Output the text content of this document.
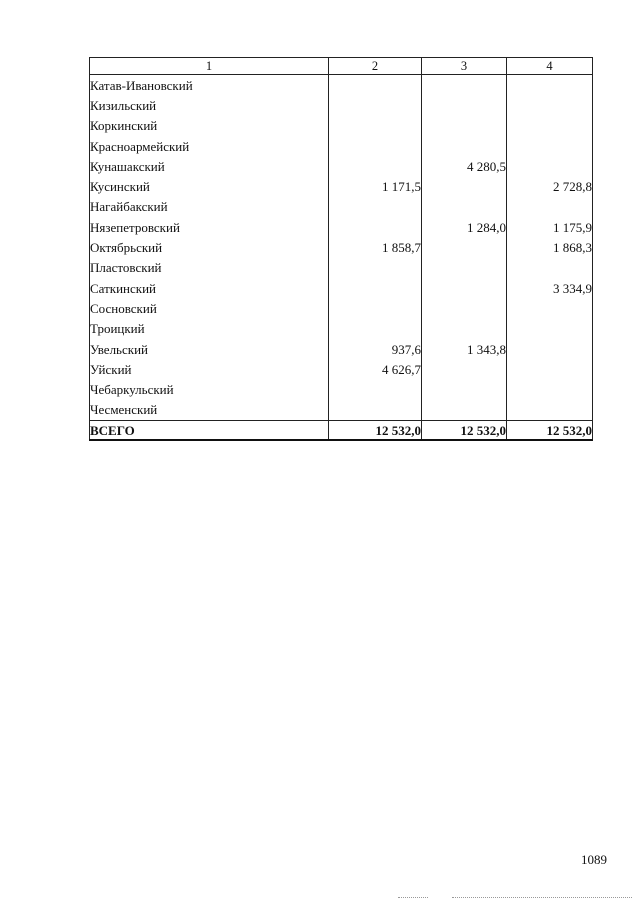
1	2	3	4
Катав-Ивановский			
Кизильский			
Коркинский			
Красноармейский			
Кунашакский		4 280,5	
Кусинский	1 171,5		2 728,8
Нагайбакский			
Нязепетровский		1 284,0	1 175,9
Октябрьский	1 858,7		1 868,3
Пластовский			
Саткинский			3 334,9
Сосновский			
Троицкий			
Увельский	937,6	1 343,8	
Уйский	4 626,7		
Чебаркульский			
Чесменский			
ВСЕГО	12 532,0	12 532,0	12 532,0
1089
